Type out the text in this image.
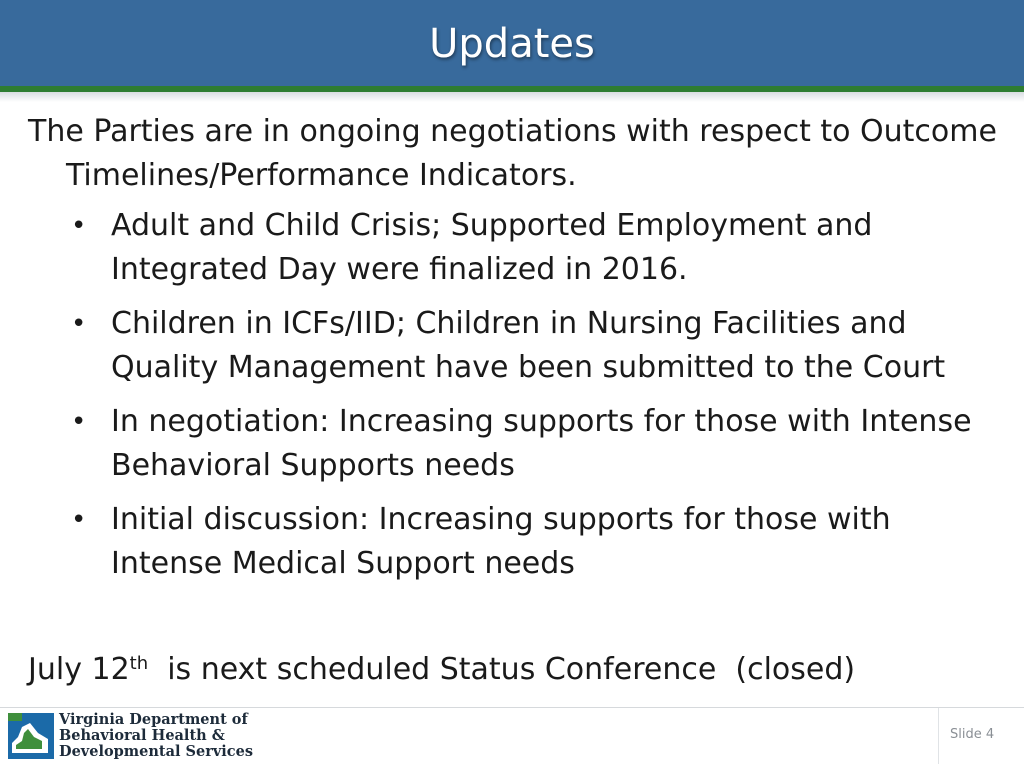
Updates

The Parties are in ongoing negotiations with respect to Outcome Timelines/Performance Indicators.

• Adult and Child Crisis; Supported Employment and Integrated Day were finalized in 2016.
• Children in ICFs/IID; Children in Nursing Facilities and Quality Management have been submitted to the Court
• In negotiation: Increasing supports for those with Intense Behavioral Supports needs
• Initial discussion: Increasing supports for those with Intense Medical Support needs

July 12th  is next scheduled Status Conference  (closed)

Virginia Department of
Behavioral Health &
Developmental Services
Slide 4
